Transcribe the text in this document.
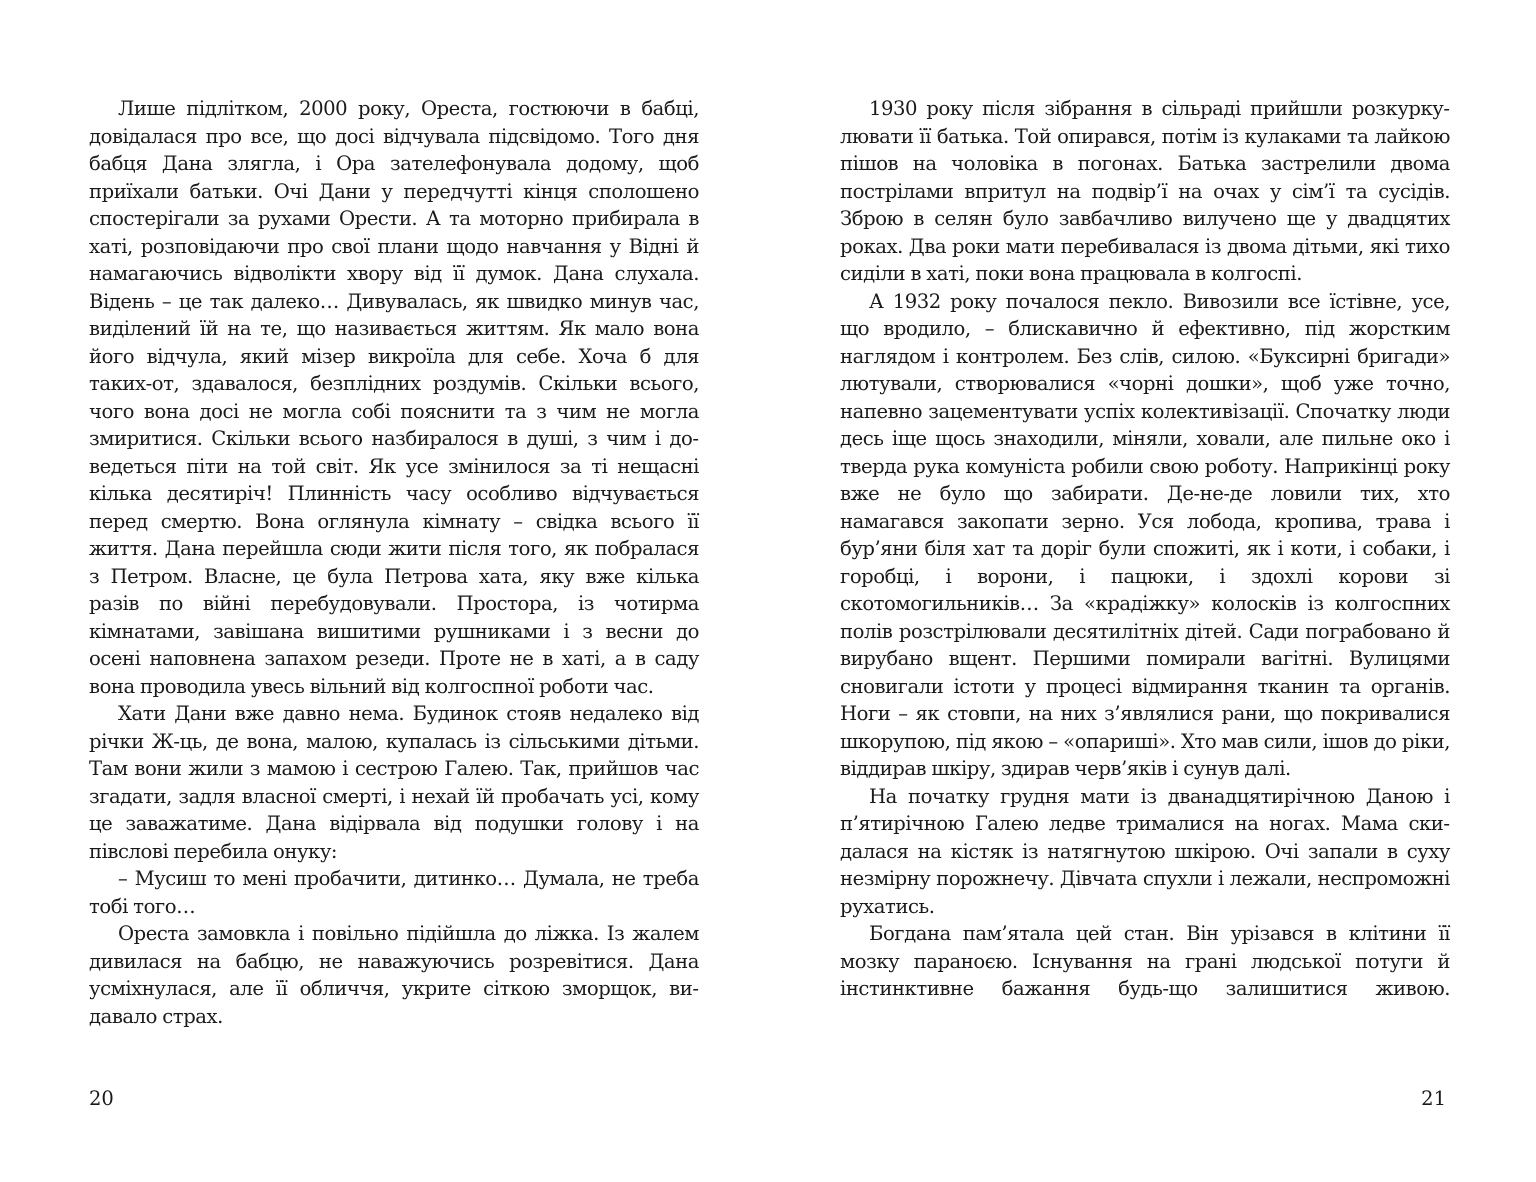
Лише підлітком, 2000 року, Ореста, гостюючи в бабці, довідалася про все, що досі відчувала підсвідомо. Того дня бабця Дана злягла, і Ора зателефонувала додому, щоб приїхали батьки. Очі Дани у передчутті кінця сполошено спостерігали за рухами Орести. А та моторно прибирала в хаті, розповідаючи про свої плани щодо навчання у Відні й намагаючись відволікти хвору від її думок. Дана слухала. Відень – це так далеко… Дивувалась, як швидко минув час, виділений їй на те, що називається життям. Як мало вона його відчула, який мізер викроїла для себе. Хоча б для таких-от, здавалося, безплідних роздумів. Скільки всього, чого вона досі не могла собі пояснити та з чим не могла змиритися. Скільки всього назбиралося в душі, з чим і доведеться піти на той світ. Як усе змінилося за ті нещасні кілька десятиріч! Плинність часу особливо відчувається перед смертю. Вона оглянула кімнату – свідка всього її життя. Дана перейшла сюди жити після того, як побралася з Петром. Власне, це була Петрова хата, яку вже кілька разів по війні перебудовували. Простора, із чотирма кімнатами, завішана вишитими рушниками і з весни до осені наповнена запахом резеди. Проте не в хаті, а в саду вона проводила увесь вільний від колгоспної роботи час.

Хати Дани вже давно нема. Будинок стояв недалеко від річки Ж-ць, де вона, малою, купалась із сільськими дітьми. Там вони жили з мамою і сестрою Галею. Так, прийшов час згадати, задля власної смерті, і нехай їй пробачать усі, кому це заважатиме. Дана відірвала від подушки голову і на півслові перебила онуку:

– Мусиш то мені пробачити, дитинко… Думала, не треба тобі того…

Ореста замовкла і повільно підійшла до ліжка. Із жалем дивилася на бабцю, не наважуючись розревітися. Дана усміхнулася, але її обличчя, укрите сіткою зморщок, видавало страх.

20

1930 року після зібрання в сільраді прийшли розкуркулювати її батька. Той опирався, потім із кулаками та лайкою пішов на чоловіка в погонах. Батька застрелили двома пострілами впритул на подвір’ї на очах у сім’ї та сусідів. Зброю в селян було завбачливо вилучено ще у двадцятих роках. Два роки мати перебивалася із двома дітьми, які тихо сиділи в хаті, поки вона працювала в колгоспі.

А 1932 року почалося пекло. Вивозили все їстівне, усе, що вродило, – блискавично й ефективно, під жорстким наглядом і контролем. Без слів, силою. «Буксирні бригади» лютували, створювалися «чорні дошки», щоб уже точно, напевно зацементувати успіх колективізації. Спочатку люди десь іще щось знаходили, міняли, ховали, але пильне око і тверда рука комуніста робили свою роботу. Наприкінці року вже не було що забирати. Де-не-де ловили тих, хто намагався закопати зерно. Уся лобода, кропива, трава і бур’яни біля хат та доріг були спожиті, як і коти, і собаки, і горобці, і ворони, і пацюки, і здохлі корови зі скотомогильників… За «крадіжку» колосків із колгоспних полів розстрілювали десятилітніх дітей. Сади пограбовано й вирубано вщент. Першими помирали вагітні. Вулицями сновигали істоти у процесі відмирання тканин та органів. Ноги – як стовпи, на них з’являлися рани, що покривалися шкорупою, під якою – «опариші». Хто мав сили, ішов до ріки, віддирав шкіру, здирав черв’яків і сунув далі.

На початку грудня мати із дванадцятирічною Даною і п’ятирічною Галею ледве трималися на ногах. Мама скидалася на кістяк із натягнутою шкірою. Очі запали в суху незмірну порожнечу. Дівчата спухли і лежали, неспроможні рухатись.

Богдана пам’ятала цей стан. Він урізався в клітини її мозку параноєю. Існування на грані людської потуги й інстинктивне бажання будь-що залишитися живою.

21
